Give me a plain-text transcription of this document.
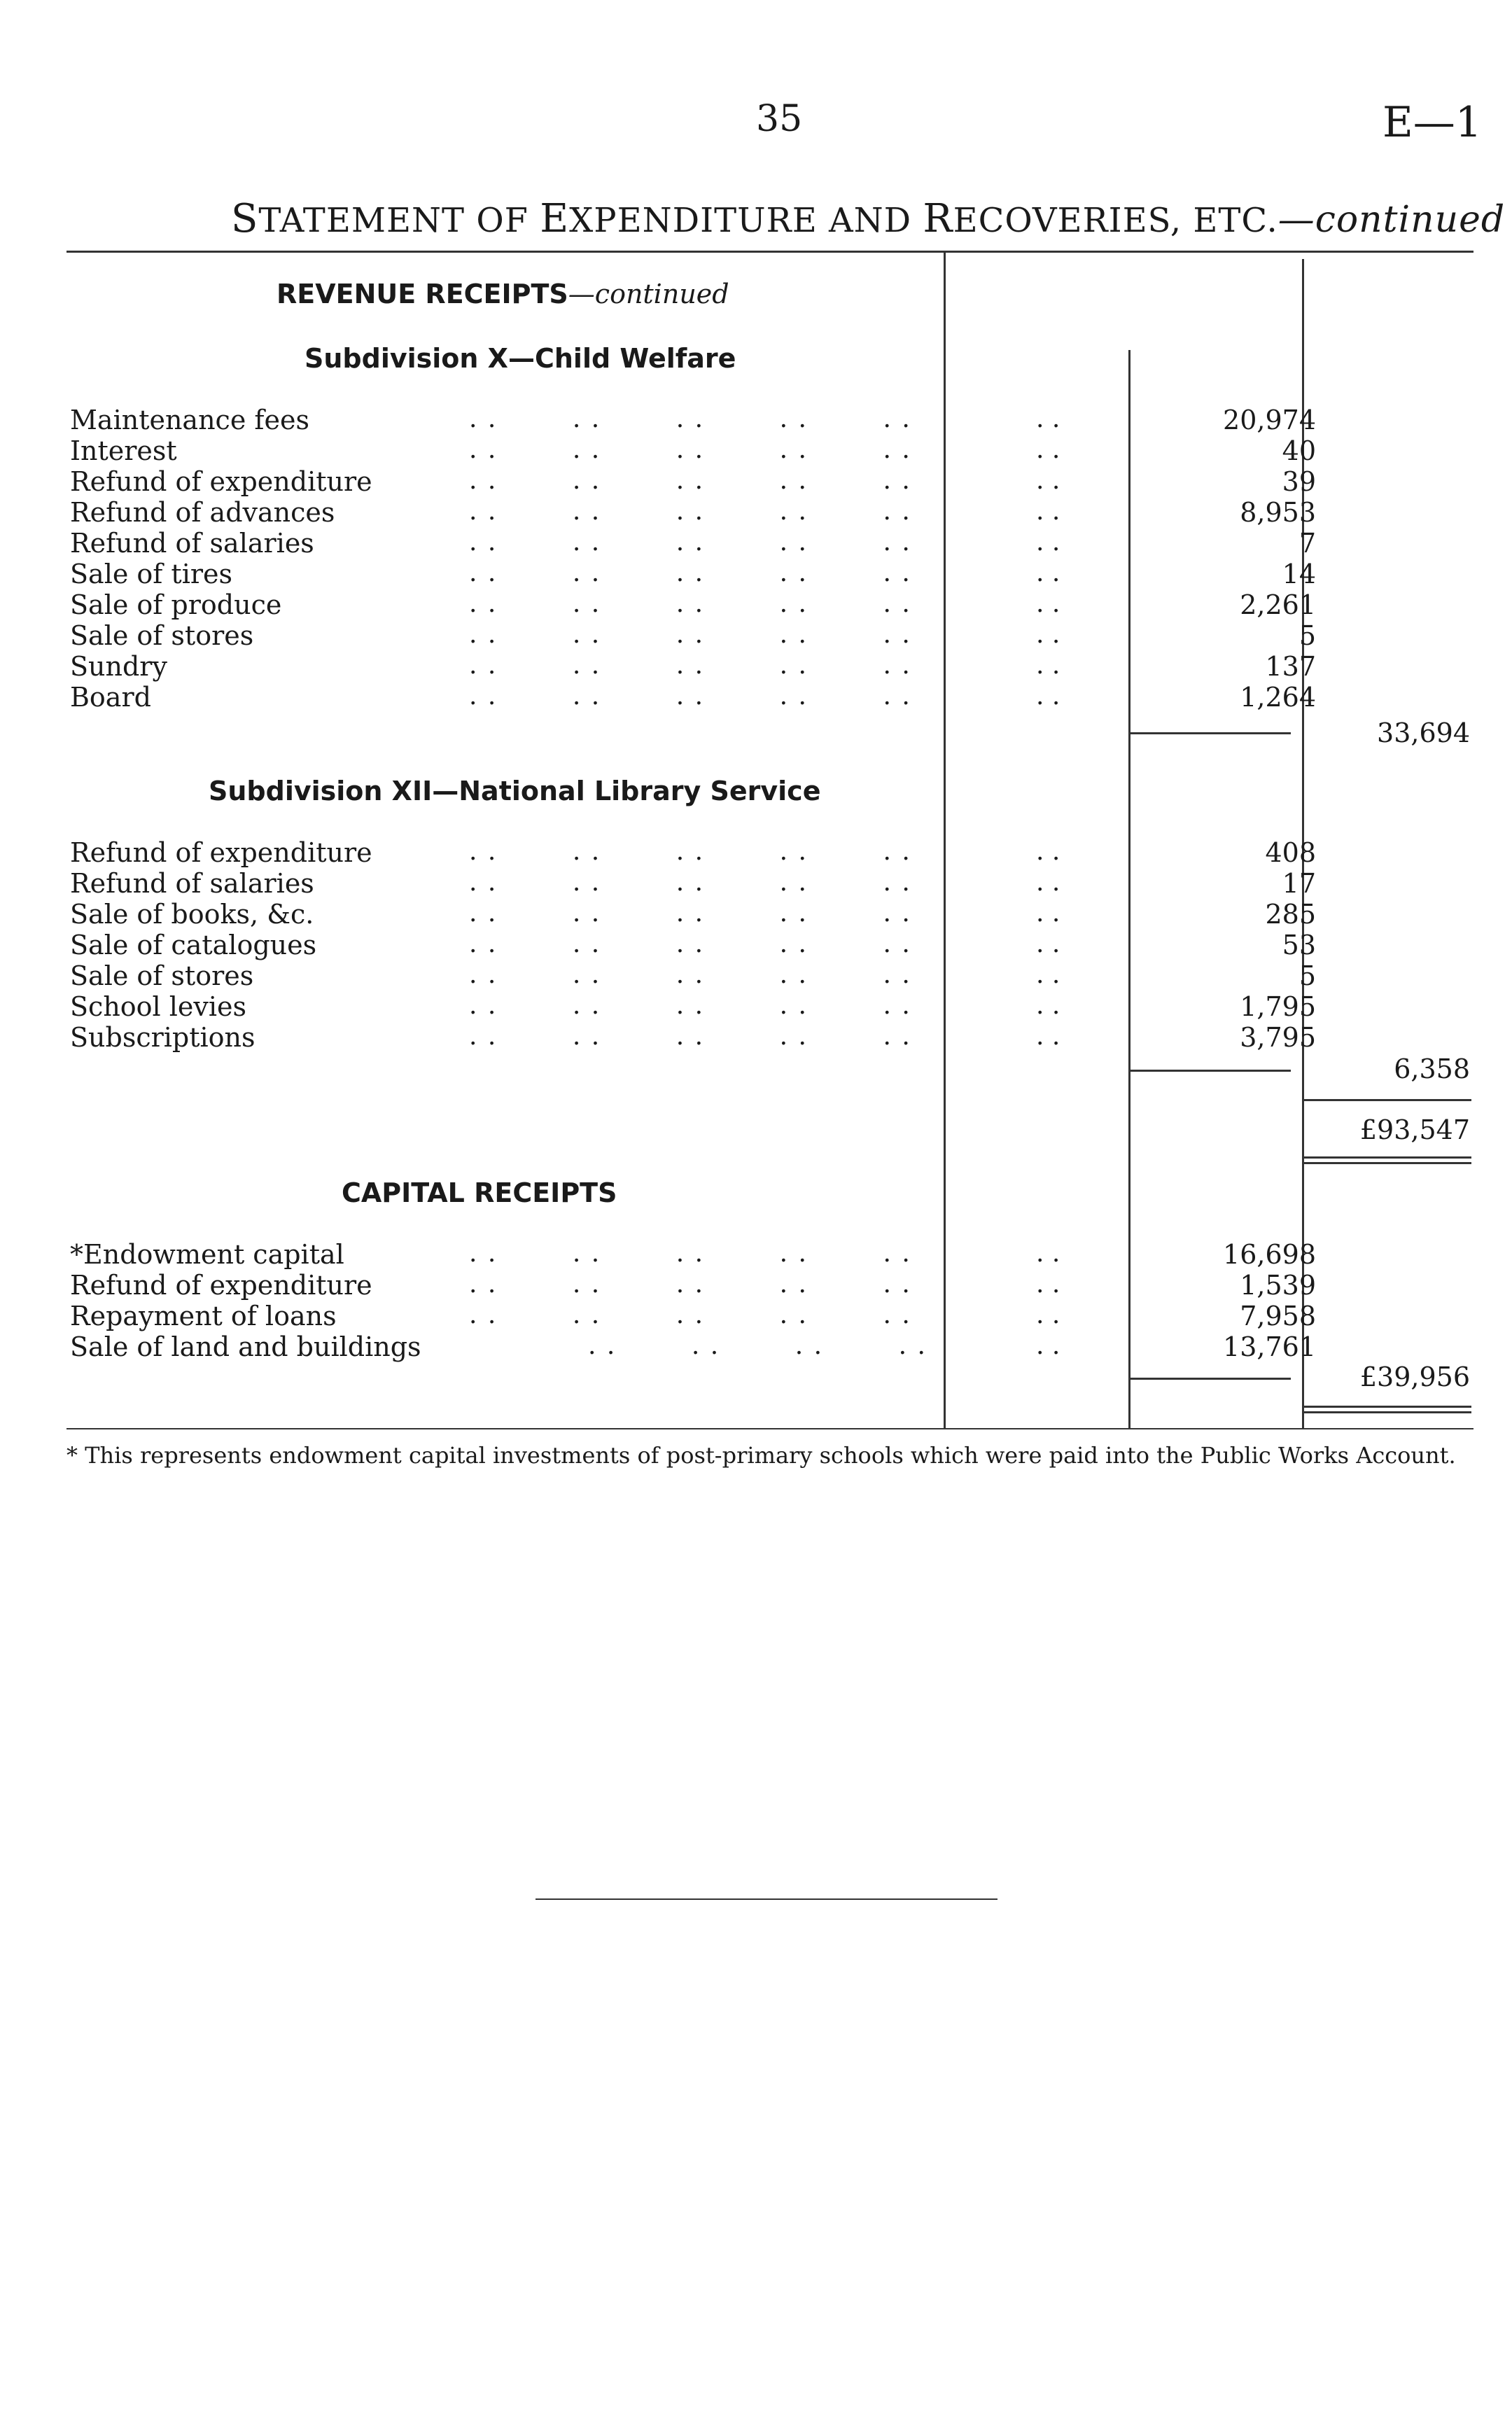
35	E—1
STATEMENT OF EXPENDITURE AND RECOVERIES, ETC.—continued
REVENUE RECEIPTS—continued
Subdivision X—Child Welfare
Maintenance fees	. .        . .        . .        . .        . .	. .	20,974
Interest	. .        . .        . .        . .        . .	. .	40
Refund of expenditure	. .        . .        . .        . .        . .	. .	39
Refund of advances	. .        . .        . .        . .        . .	. .	8,953
Refund of salaries	. .        . .        . .        . .        . .	. .	7
Sale of tires	. .        . .        . .        . .        . .	. .	14
Sale of produce	. .        . .        . .        . .        . .	. .	2,261
Sale of stores	. .        . .        . .        . .        . .	. .	5
Sundry	. .        . .        . .        . .        . .	. .	137
Board	. .        . .        . .        . .        . .	. .	1,264
33,694
Subdivision XII—National Library Service
Refund of expenditure	. .        . .        . .        . .        . .	. .	408
Refund of salaries	. .        . .        . .        . .        . .	. .	17
Sale of books, &c.	. .        . .        . .        . .        . .	. .	285
Sale of catalogues	. .        . .        . .        . .        . .	. .	53
Sale of stores	. .        . .        . .        . .        . .	. .	5
School levies	. .        . .        . .        . .        . .	. .	1,795
Subscriptions	. .        . .        . .        . .        . .	. .	3,795
6,358
£93,547
CAPITAL RECEIPTS
*Endowment capital	. .        . .        . .        . .        . .	. .	16,698
Refund of expenditure	. .        . .        . .        . .        . .	. .	1,539
Repayment of loans	. .        . .        . .        . .        . .	. .	7,958
Sale of land and buildings	. .        . .        . .        . .	. .	13,761
£39,956
* This represents endowment capital investments of post-primary schools which were paid into the Public Works Account.
